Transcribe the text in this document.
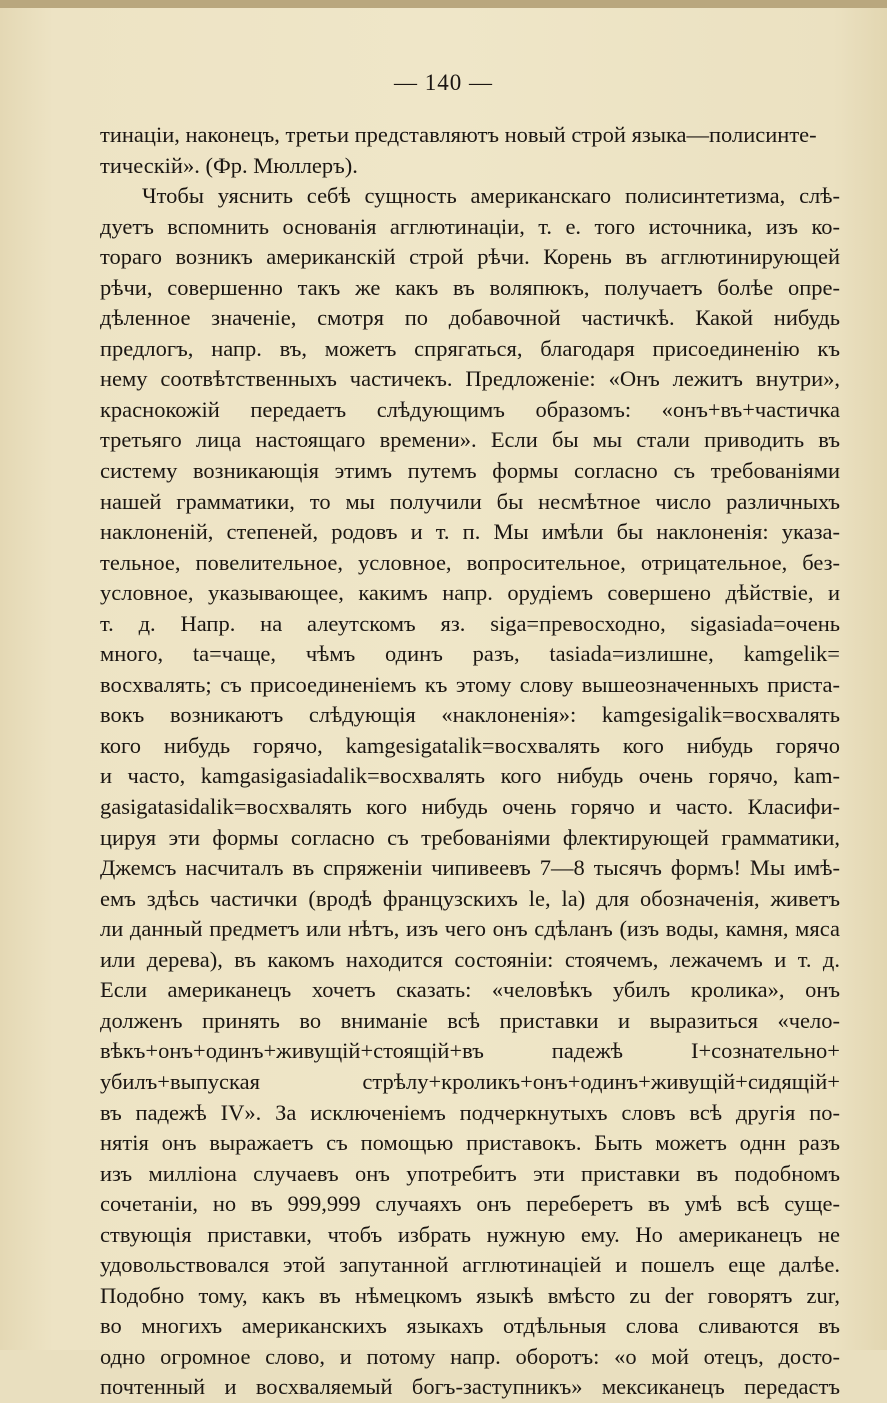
— 140 —
тинаціи, наконецъ, третьи представляютъ новый строй языка—полисинте-
тическій». (Фр. Мюллеръ).
Чтобы уяснить себѣ сущность американскаго полисинтетизма, слѣ-
дуетъ вспомнить основанія агглютинаціи, т. е. того источника, изъ ко-
тораго возникъ американскій строй рѣчи. Корень въ агглютинирующей
рѣчи, совершенно такъ же какъ въ воляпюкъ, получаетъ болѣе опре-
дѣленное значеніе, смотря по добавочной частичкѣ. Какой нибудь
предлогъ, напр. въ, можетъ спрягаться, благодаря присоединенію къ
нему соотвѣтственныхъ частичекъ. Предложеніе: «Онъ лежитъ внутри»,
краснокожій передаетъ слѣдующимъ образомъ: «онъ+въ+частичка
третьяго лица настоящаго времени». Если бы мы стали приводить въ
систему возникающія этимъ путемъ формы согласно съ требованіями
нашей грамматики, то мы получили бы несмѣтное число различныхъ
наклоненій, степеней, родовъ и т. п. Мы имѣли бы наклоненія: указа-
тельное, повелительное, условное, вопросительное, отрицательное, без-
условное, указывающее, какимъ напр. орудіемъ совершено дѣйствіе, и
т. д. Напр. на алеутскомъ яз. siga=превосходно, sigasiada=очень
много, ta=чаще, чѣмъ одинъ разъ, tasiada=излишне, kamgelik=
восхвалять; съ присоединеніемъ къ этому слову вышеозначенныхъ приста-
вокъ возникаютъ слѣдующія «наклоненія»: kamgesigalik=восхвалять
кого нибудь горячо, kamgesigatalik=восхвалять кого нибудь горячо
и часто, kamgasigasiadalik=восхвалять кого нибудь очень горячо, kam-
gasigatasidalik=восхвалять кого нибудь очень горячо и часто. Класифи-
цируя эти формы согласно съ требованіями флектирующей грамматики,
Джемсъ насчиталъ въ спряженіи чипивеевъ 7—8 тысячъ формъ! Мы имѣ-
емъ здѣсь частички (вродѣ французскихъ le, la) для обозначенія, живетъ
ли данный предметъ или нѣтъ, изъ чего онъ сдѣланъ (изъ воды, камня, мяса
или дерева), въ какомъ находится состояніи: стоячемъ, лежачемъ и т. д.
Если американецъ хочетъ сказать: «человѣкъ убилъ кролика», онъ
долженъ принять во вниманіе всѣ приставки и выразиться «чело-
вѣкъ+онъ+одинъ+живущій+стоящій+въ падежѣ I+сознательно+
убилъ+выпуская стрѣлу+кроликъ+онъ+одинъ+живущій+сидящій+
въ падежѣ IV». За исключеніемъ подчеркнутыхъ словъ всѣ другія по-
нятія онъ выражаетъ съ помощью приставокъ. Быть можетъ однн разъ
изъ милліона случаевъ онъ употребитъ эти приставки въ подобномъ
сочетаніи, но въ 999,999 случаяхъ онъ переберетъ въ умѣ всѣ суще-
ствующія приставки, чтобъ избрать нужную ему. Но американецъ не
удовольствовался этой запутанной агглютинаціей и пошелъ еще далѣе.
Подобно тому, какъ въ нѣмецкомъ языкѣ вмѣсто zu der говорятъ zur,
во многихъ американскихъ языкахъ отдѣльныя слова сливаются въ
одно огромное слово, и потому напр. оборотъ: «о мой отецъ, досто-
почтенный и восхваляемый богъ-заступникъ» мексиканецъ передастъ
